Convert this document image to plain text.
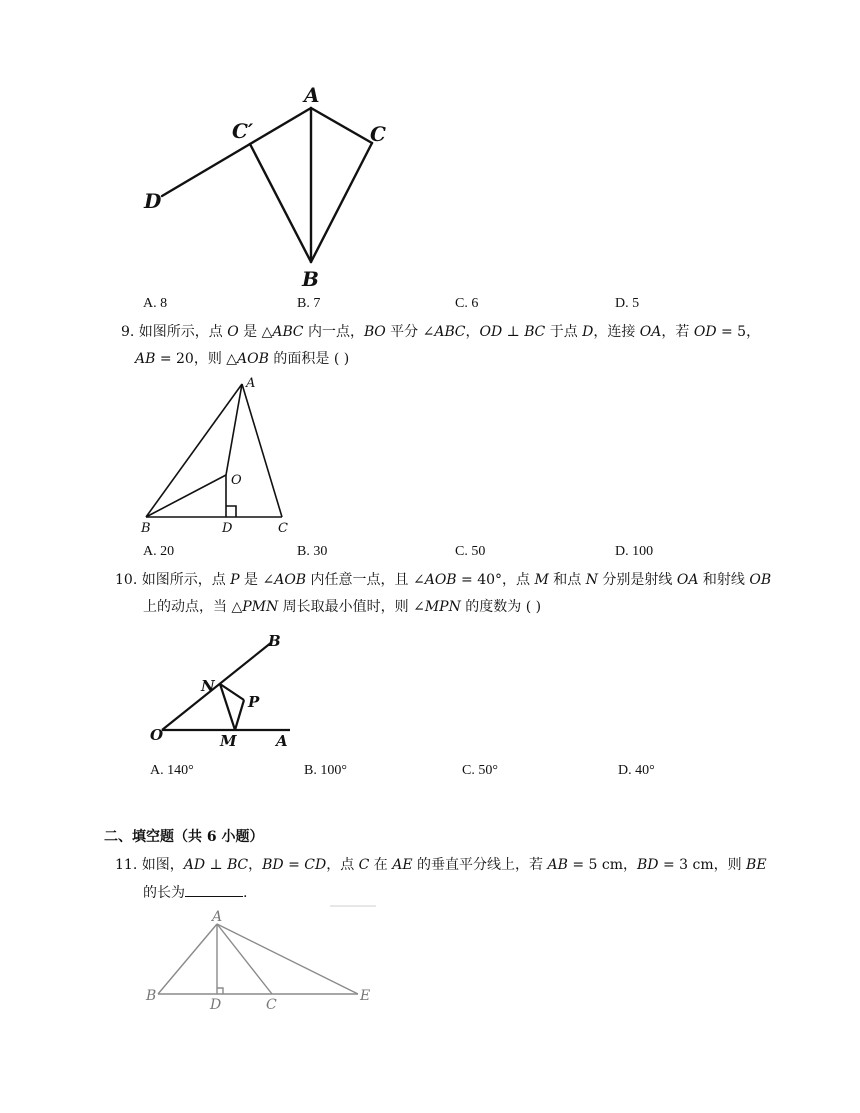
A
C′	C
D
B
A. 8	B. 7	C. 6	D. 5
9. 如图所示，点 𝑂 是 △𝐴𝐵𝐶 内一点，𝐵𝑂 平分 ∠𝐴𝐵𝐶，𝑂𝐷 ⊥ 𝐵𝐶 于点 𝐷，连接 𝑂𝐴，若 𝑂𝐷 = 5，
𝐴𝐵 = 20，则 △𝐴𝑂𝐵 的面积是 ( )
A
O
B	D	C
A. 20	B. 30	C. 50	D. 100
10. 如图所示，点 𝑃 是 ∠𝐴𝑂𝐵 内任意一点，且 ∠𝐴𝑂𝐵 = 40°，点 𝑀 和点 𝑁 分别是射线 𝑂𝐴 和射线 𝑂𝐵
上的动点，当 △𝑃𝑀𝑁 周长取最小值时，则 ∠𝑀𝑃𝑁 的度数为 ( )
B
N
P
O	M	A
A. 140°	B. 100°	C. 50°	D. 40°
二、填空题（共 6 小题）
11. 如图，𝐴𝐷 ⊥ 𝐵𝐶，𝐵𝐷 = 𝐶𝐷，点 𝐶 在 𝐴𝐸 的垂直平分线上，若 𝐴𝐵 = 5 cm，𝐵𝐷 = 3 cm，则 𝐵𝐸
的长为	.
A
B
D	C
E
